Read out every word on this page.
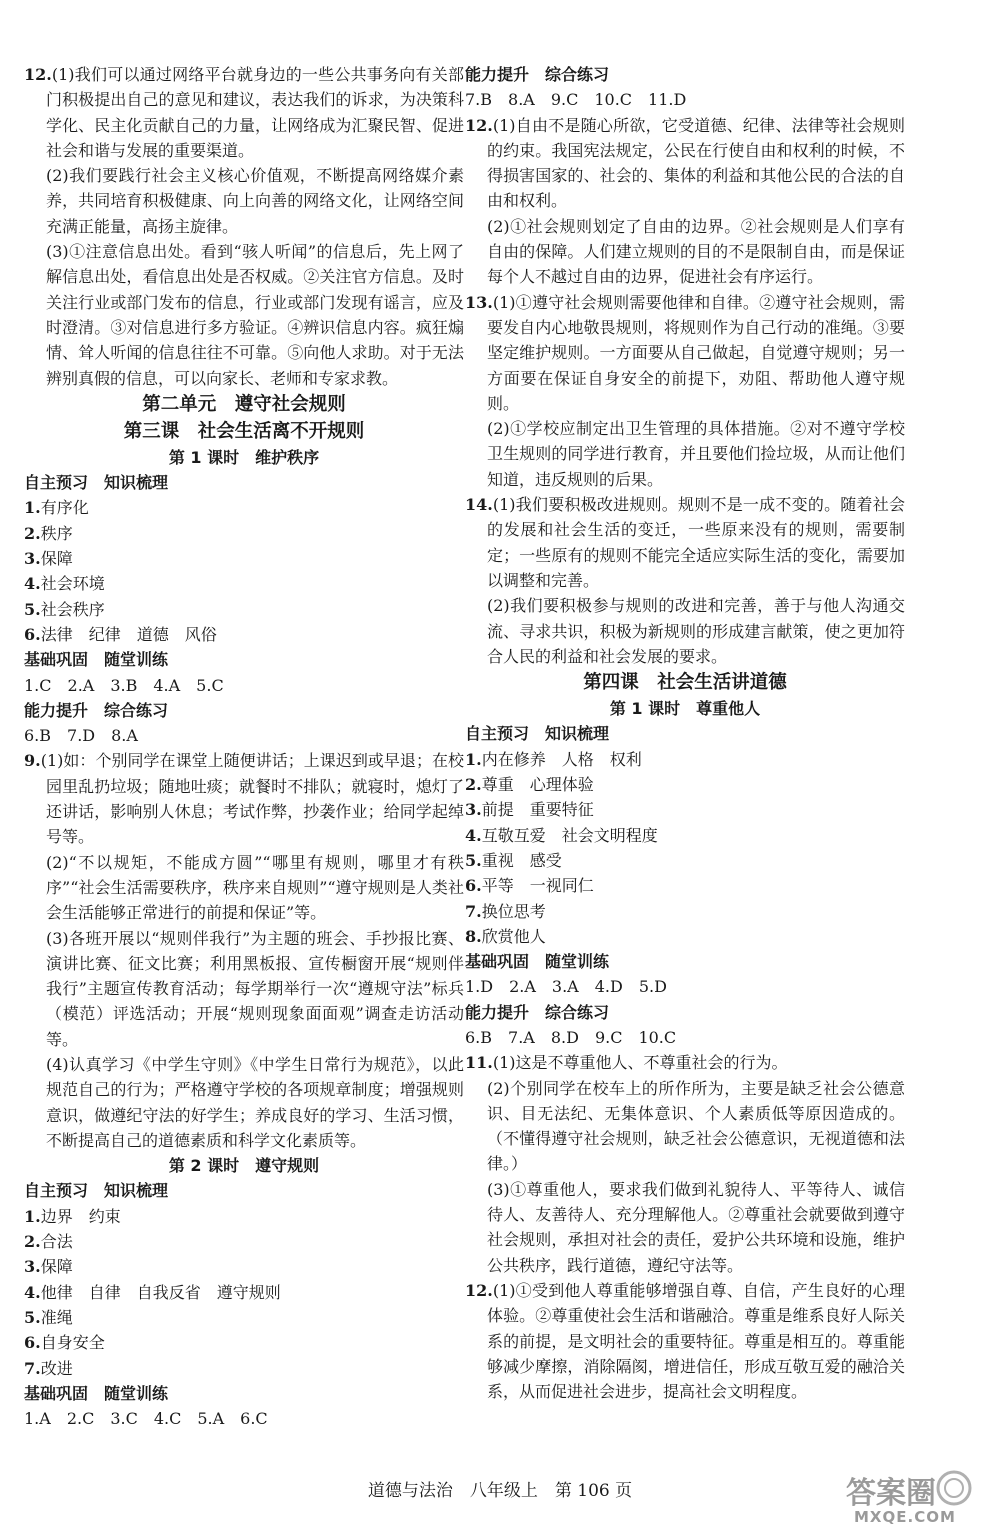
12.(1)我们可以通过网络平台就身边的一些公共事务向有关部门积极提出自己的意见和建议，表达我们的诉求，为决策科学化、民主化贡献自己的力量，让网络成为汇聚民智、促进社会和谐与发展的重要渠道。
(2)我们要践行社会主义核心价值观，不断提高网络媒介素养，共同培育积极健康、向上向善的网络文化，让网络空间充满正能量，高扬主旋律。
(3)①注意信息出处。看到“骇人听闻”的信息后，先上网了解信息出处，看信息出处是否权威。②关注官方信息。及时关注行业或部门发布的信息，行业或部门发现有谣言，应及时澄清。③对信息进行多方验证。④辨识信息内容。疯狂煽情、耸人听闻的信息往往不可靠。⑤向他人求助。对于无法辨别真假的信息，可以向家长、老师和专家求教。
第二单元　遵守社会规则
第三课　社会生活离不开规则
第 1 课时　维护秩序
自主预习　知识梳理
1.有序化
2.秩序
3.保障
4.社会环境
5.社会秩序
6.法律　纪律　道德　风俗
基础巩固　随堂训练
1.C　2.A　3.B　4.A　5.C
能力提升　综合练习
6.B　7.D　8.A
9.(1)如：个别同学在课堂上随便讲话；上课迟到或早退；在校园里乱扔垃圾；随地吐痰；就餐时不排队；就寝时，熄灯了还讲话，影响别人休息；考试作弊，抄袭作业；给同学起绰号等。
(2)“不以规矩，不能成方圆”“哪里有规则，哪里才有秩序”“社会生活需要秩序，秩序来自规则”“遵守规则是人类社会生活能够正常进行的前提和保证”等。
(3)各班开展以“规则伴我行”为主题的班会、手抄报比赛、演讲比赛、征文比赛；利用黑板报、宣传橱窗开展“规则伴我行”主题宣传教育活动；每学期举行一次“遵规守法”标兵（模范）评选活动；开展“规则现象面面观”调查走访活动等。
(4)认真学习《中学生守则》《中学生日常行为规范》，以此规范自己的行为；严格遵守学校的各项规章制度；增强规则意识，做遵纪守法的好学生；养成良好的学习、生活习惯，不断提高自己的道德素质和科学文化素质等。
第 2 课时　遵守规则
自主预习　知识梳理
1.边界　约束
2.合法
3.保障
4.他律　自律　自我反省　遵守规则
5.准绳
6.自身安全
7.改进
基础巩固　随堂训练
1.A　2.C　3.C　4.C　5.A　6.C
能力提升　综合练习
7.B　8.A　9.C　10.C　11.D
12.(1)自由不是随心所欲，它受道德、纪律、法律等社会规则的约束。我国宪法规定，公民在行使自由和权利的时候，不得损害国家的、社会的、集体的利益和其他公民的合法的自由和权利。
(2)①社会规则划定了自由的边界。②社会规则是人们享有自由的保障。人们建立规则的目的不是限制自由，而是保证每个人不越过自由的边界，促进社会有序运行。
13.(1)①遵守社会规则需要他律和自律。②遵守社会规则，需要发自内心地敬畏规则，将规则作为自己行动的准绳。③要坚定维护规则。一方面要从自己做起，自觉遵守规则；另一方面要在保证自身安全的前提下，劝阻、帮助他人遵守规则。
(2)①学校应制定出卫生管理的具体措施。②对不遵守学校卫生规则的同学进行教育，并且要他们捡垃圾，从而让他们知道，违反规则的后果。
14.(1)我们要积极改进规则。规则不是一成不变的。随着社会的发展和社会生活的变迁，一些原来没有的规则，需要制定；一些原有的规则不能完全适应实际生活的变化，需要加以调整和完善。
(2)我们要积极参与规则的改进和完善，善于与他人沟通交流、寻求共识，积极为新规则的形成建言献策，使之更加符合人民的利益和社会发展的要求。
第四课　社会生活讲道德
第 1 课时　尊重他人
自主预习　知识梳理
1.内在修养　人格　权利
2.尊重　心理体验
3.前提　重要特征
4.互敬互爱　社会文明程度
5.重视　感受
6.平等　一视同仁
7.换位思考
8.欣赏他人
基础巩固　随堂训练
1.D　2.A　3.A　4.D　5.D
能力提升　综合练习
6.B　7.A　8.D　9.C　10.C
11.(1)这是不尊重他人、不尊重社会的行为。
(2)个别同学在校车上的所作所为，主要是缺乏社会公德意识、目无法纪、无集体意识、个人素质低等原因造成的。（不懂得遵守社会规则，缺乏社会公德意识，无视道德和法律。）
(3)①尊重他人，要求我们做到礼貌待人、平等待人、诚信待人、友善待人、充分理解他人。②尊重社会就要做到遵守社会规则，承担对社会的责任，爱护公共环境和设施，维护公共秩序，践行道德，遵纪守法等。
12.(1)①受到他人尊重能够增强自尊、自信，产生良好的心理体验。②尊重使社会生活和谐融洽。尊重是维系良好人际关系的前提，是文明社会的重要特征。尊重是相互的。尊重能够减少摩擦，消除隔阂，增进信任，形成互敬互爱的融洽关系，从而促进社会进步，提高社会文明程度。
道德与法治　八年级上　第 106 页	答案圈
MXQE.COM
